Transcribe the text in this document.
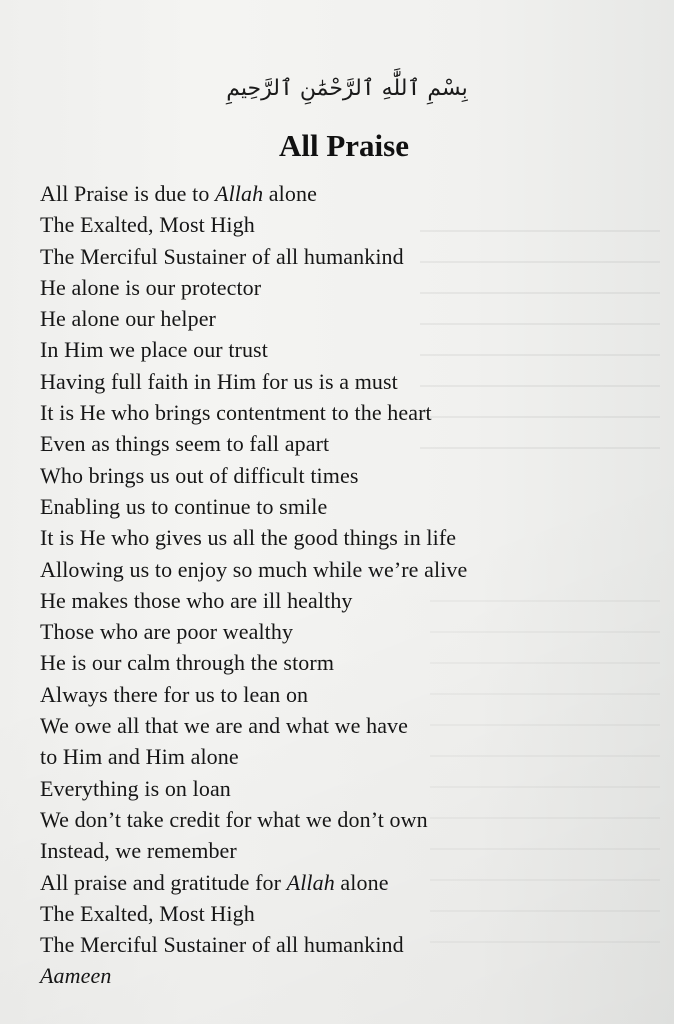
بِسْمِ ٱللَّٰهِ ٱلرَّحْمَٰنِ ٱلرَّحِيمِ
All Praise
All Praise is due to Allah alone
The Exalted, Most High
The Merciful Sustainer of all humankind
He alone is our protector
He alone our helper
In Him we place our trust
Having full faith in Him for us is a must
It is He who brings contentment to the heart
Even as things seem to fall apart
Who brings us out of difficult times
Enabling us to continue to smile
It is He who gives us all the good things in life
Allowing us to enjoy so much while we’re alive
He makes those who are ill healthy
Those who are poor wealthy
He is our calm through the storm
Always there for us to lean on
We owe all that we are and what we have
to Him and Him alone
Everything is on loan
We don’t take credit for what we don’t own
Instead, we remember
All praise and gratitude for Allah alone
The Exalted, Most High
The Merciful Sustainer of all humankind
Aameen
